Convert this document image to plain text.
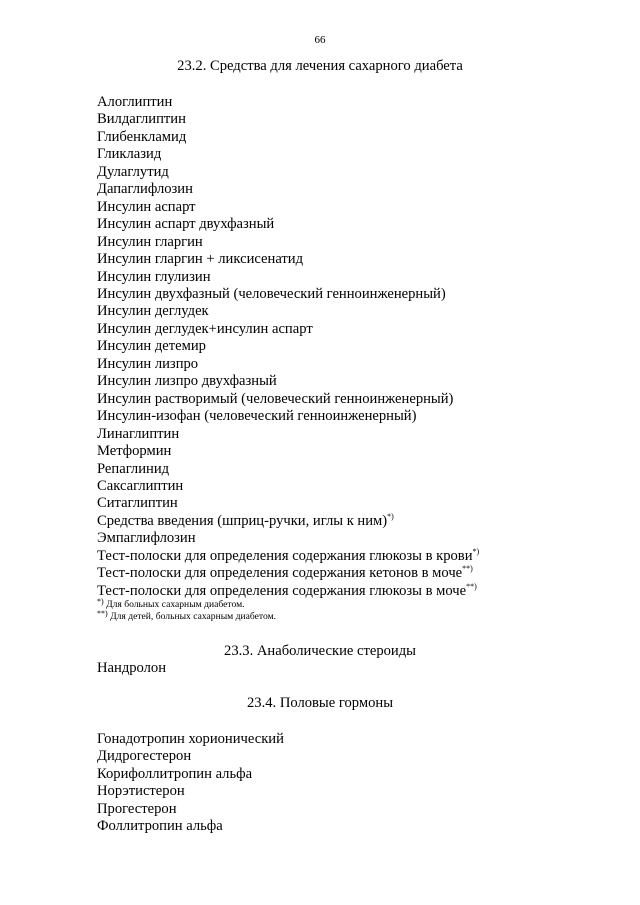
66
23.2. Средства для лечения сахарного диабета
Алоглиптин
Вилдаглиптин
Глибенкламид
Гликлазид
Дулаглутид
Дапаглифлозин
Инсулин аспарт
Инсулин аспарт двухфазный
Инсулин гларгин
Инсулин гларгин + ликсисенатид
Инсулин глулизин
Инсулин двухфазный (человеческий генноинженерный)
Инсулин деглудек
Инсулин деглудек+инсулин аспарт
Инсулин детемир
Инсулин лизпро
Инсулин лизпро двухфазный
Инсулин растворимый (человеческий генноинженерный)
Инсулин-изофан (человеческий генноинженерный)
Линаглиптин
Метформин
Репаглинид
Саксаглиптин
Ситаглиптин
Средства введения (шприц-ручки, иглы к ним)*)
Эмпаглифлозин
Тест-полоски для определения содержания глюкозы в крови*)
Тест-полоски для определения содержания кетонов в моче**)
Тест-полоски для определения содержания глюкозы в моче**)
*) Для больных сахарным диабетом.
**) Для детей, больных сахарным диабетом.
23.3. Анаболические стероиды
Нандролон
23.4. Половые гормоны
Гонадотропин хорионический
Дидрогестерон
Корифоллитропин альфа
Норэтистерон
Прогестерон
Фоллитропин альфа
